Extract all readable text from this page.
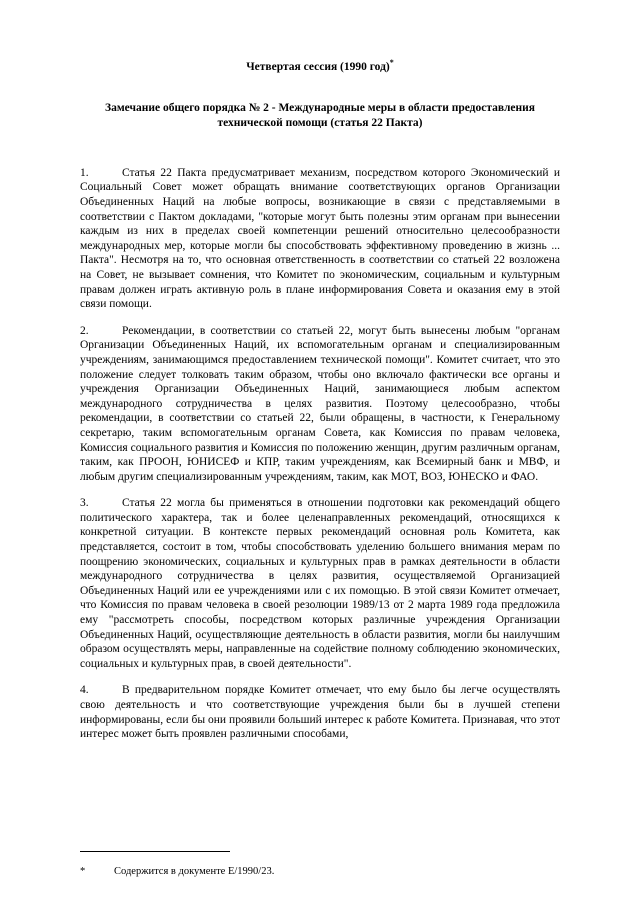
Четвертая сессия (1990 год)*
Замечание общего порядка № 2 - Международные меры в области предоставления технической помощи (статья 22 Пакта)

1.	Статья 22 Пакта предусматривает механизм, посредством которого Экономический и Социальный Совет может обращать внимание соответствующих органов Организации Объединенных Наций на любые вопросы, возникающие в связи с представляемыми в соответствии с Пактом докладами, "которые могут быть полезны этим органам при вынесении каждым из них в пределах своей компетенции решений относительно целесообразности международных мер, которые могли бы способствовать эффективному проведению в жизнь ... Пакта". Несмотря на то, что основная ответственность в соответствии со статьей 22 возложена на Совет, не вызывает сомнения, что Комитет по экономическим, социальным и культурным правам должен играть активную роль в плане информирования Совета и оказания ему в этой связи помощи.

2.	Рекомендации, в соответствии со статьей 22, могут быть вынесены любым "органам Организации Объединенных Наций, их вспомогательным органам и специализированным учреждениям, занимающимся предоставлением технической помощи". Комитет считает, что это положение следует толковать таким образом, чтобы оно включало фактически все органы и учреждения Организации Объединенных Наций, занимающиеся любым аспектом международного сотрудничества в целях развития. Поэтому целесообразно, чтобы рекомендации, в соответствии со статьей 22, были обращены, в частности, к Генеральному секретарю, таким вспомогательным органам Совета, как Комиссия по правам человека, Комиссия социального развития и Комиссия по положению женщин, другим различным органам, таким, как ПРООН, ЮНИСЕФ и КПР, таким учреждениям, как Всемирный банк и МВФ, и любым другим специализированным учреждениям, таким, как МОТ, ВОЗ, ЮНЕСКО и ФАО.

3.	Статья 22 могла бы применяться в отношении подготовки как рекомендаций общего политического характера, так и более целенаправленных рекомендаций, относящихся к конкретной ситуации. В контексте первых рекомендаций основная роль Комитета, как представляется, состоит в том, чтобы способствовать уделению большего внимания мерам по поощрению экономических, социальных и культурных прав в рамках деятельности в области международного сотрудничества в целях развития, осуществляемой Организацией Объединенных Наций или ее учреждениями или с их помощью. В этой связи Комитет отмечает, что Комиссия по правам человека в своей резолюции 1989/13 от 2 марта 1989 года предложила ему "рассмотреть способы, посредством которых различные учреждения Организации Объединенных Наций, осуществляющие деятельность в области развития, могли бы наилучшим образом осуществлять меры, направленные на содействие полному соблюдению экономических, социальных и культурных прав, в своей деятельности".

4.	В предварительном порядке Комитет отмечает, что ему было бы легче осуществлять свою деятельность и что соответствующие учреждения были бы в лучшей степени информированы, если бы они проявили больший интерес к работе Комитета. Признавая, что этот интерес может быть проявлен различными способами,

*	Содержится в документе E/1990/23.
